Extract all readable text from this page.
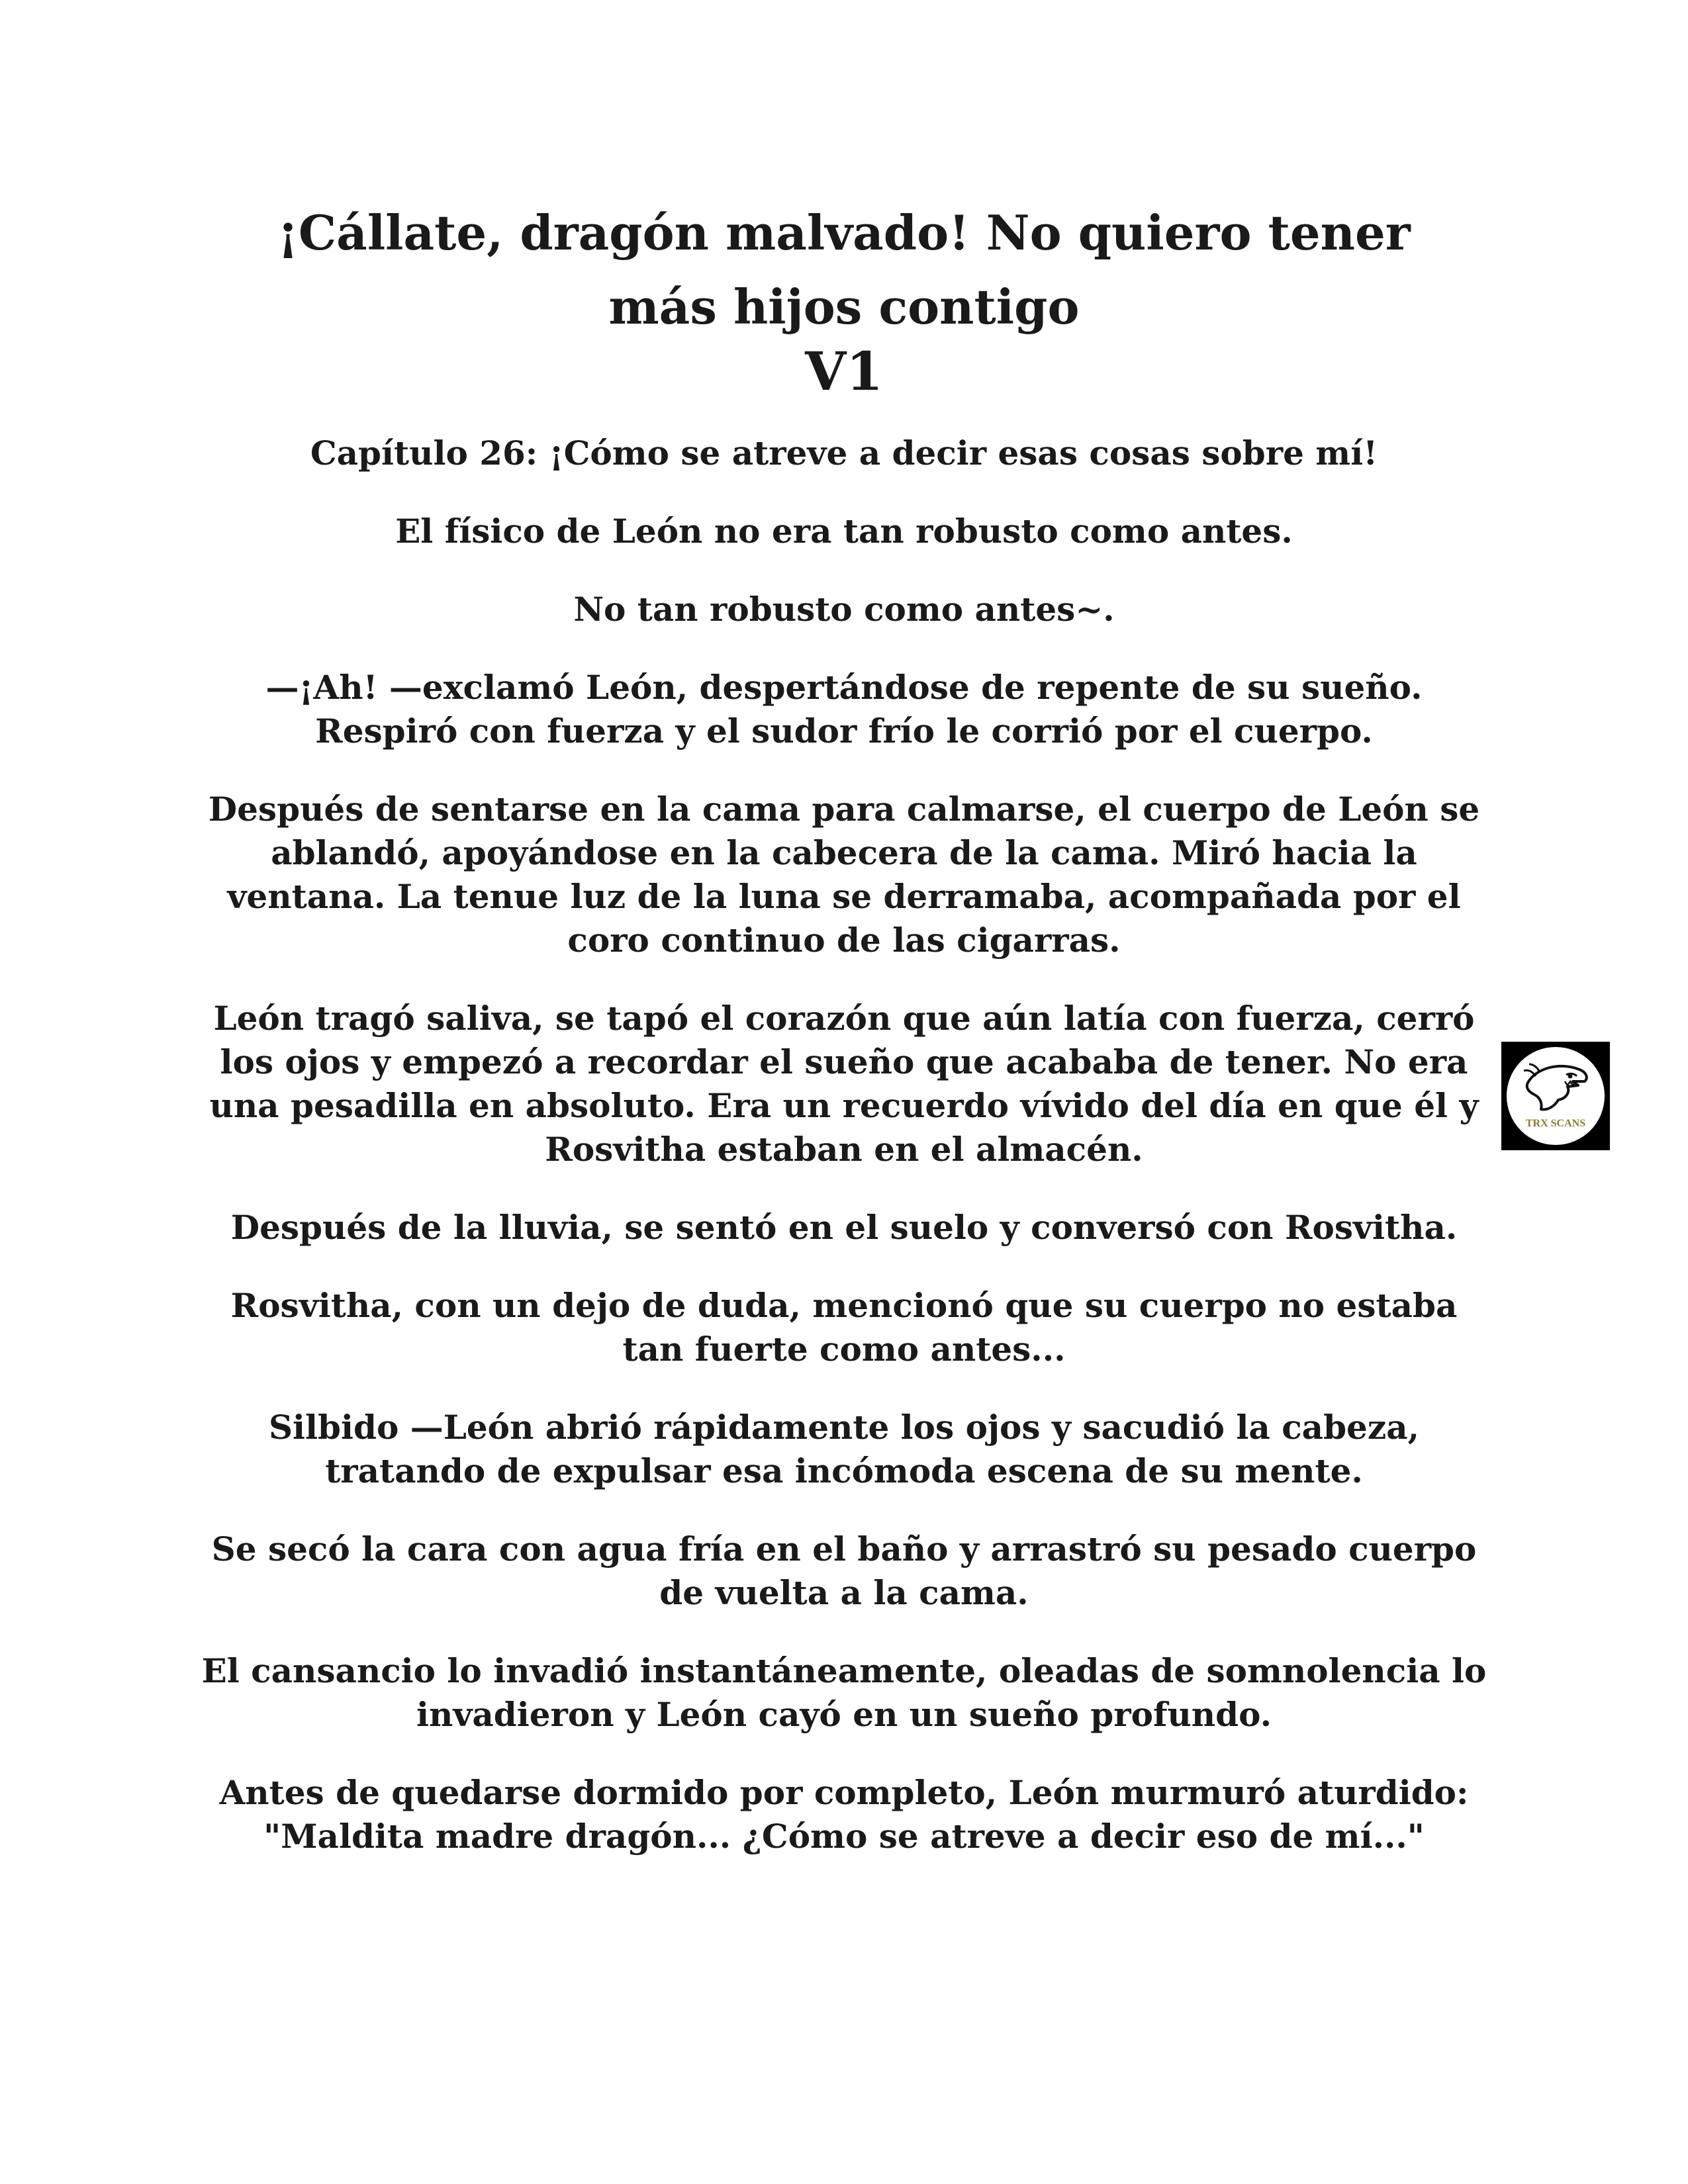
¡Cállate, dragón malvado! No quiero tener
más hijos contigo
V1

Capítulo 26: ¡Cómo se atreve a decir esas cosas sobre mí!

El físico de León no era tan robusto como antes.

No tan robusto como antes~.

—¡Ah! —exclamó León, despertándose de repente de su sueño. Respiró con fuerza y el sudor frío le corrió por el cuerpo.

Después de sentarse en la cama para calmarse, el cuerpo de León se ablandó, apoyándose en la cabecera de la cama. Miró hacia la ventana. La tenue luz de la luna se derramaba, acompañada por el coro continuo de las cigarras.

León tragó saliva, se tapó el corazón que aún latía con fuerza, cerró los ojos y empezó a recordar el sueño que acababa de tener. No era una pesadilla en absoluto. Era un recuerdo vívido del día en que él y Rosvitha estaban en el almacén.

Después de la lluvia, se sentó en el suelo y conversó con Rosvitha.

Rosvitha, con un dejo de duda, mencionó que su cuerpo no estaba tan fuerte como antes...

Silbido —León abrió rápidamente los ojos y sacudió la cabeza, tratando de expulsar esa incómoda escena de su mente.

Se secó la cara con agua fría en el baño y arrastró su pesado cuerpo de vuelta a la cama.

El cansancio lo invadió instantáneamente, oleadas de somnolencia lo invadieron y León cayó en un sueño profundo.

Antes de quedarse dormido por completo, León murmuró aturdido: "Maldita madre dragón... ¿Cómo se atreve a decir eso de mí..."

TRX SCANS
